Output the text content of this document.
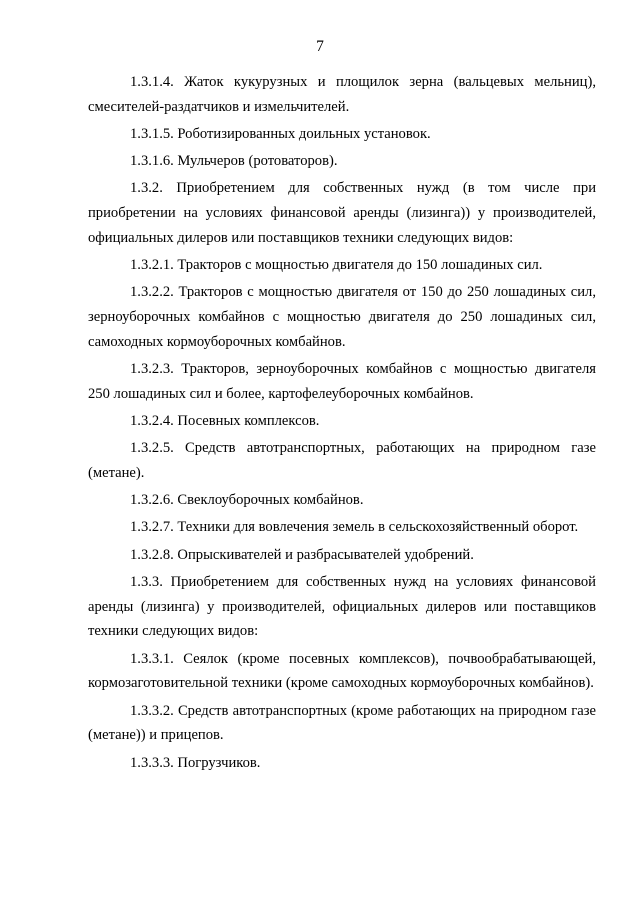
7

1.3.1.4. Жаток кукурузных и площилок зерна (вальцевых мельниц), смесителей-раздатчиков и измельчителей.

1.3.1.5. Роботизированных доильных установок.

1.3.1.6. Мульчеров (ротоваторов).

1.3.2. Приобретением для собственных нужд (в том числе при приобретении на условиях финансовой аренды (лизинга)) у производителей, официальных дилеров или поставщиков техники следующих видов:

1.3.2.1. Тракторов с мощностью двигателя до 150 лошадиных сил.

1.3.2.2. Тракторов с мощностью двигателя от 150 до 250 лошадиных сил, зерноуборочных комбайнов с мощностью двигателя до 250 лошадиных сил, самоходных кормоуборочных комбайнов.

1.3.2.3. Тракторов, зерноуборочных комбайнов с мощностью двигателя 250 лошадиных сил и более, картофелеуборочных комбайнов.

1.3.2.4. Посевных комплексов.

1.3.2.5. Средств автотранспортных, работающих на природном газе (метане).

1.3.2.6. Свеклоуборочных комбайнов.

1.3.2.7. Техники для вовлечения земель в сельскохозяйственный оборот.

1.3.2.8. Опрыскивателей и разбрасывателей удобрений.

1.3.3. Приобретением для собственных нужд на условиях финансовой аренды (лизинга) у производителей, официальных дилеров или поставщиков техники следующих видов:

1.3.3.1. Сеялок (кроме посевных комплексов), почвообрабатывающей, кормозаготовительной техники (кроме самоходных кормоуборочных комбайнов).

1.3.3.2. Средств автотранспортных (кроме работающих на природном газе (метане)) и прицепов.

1.3.3.3. Погрузчиков.
